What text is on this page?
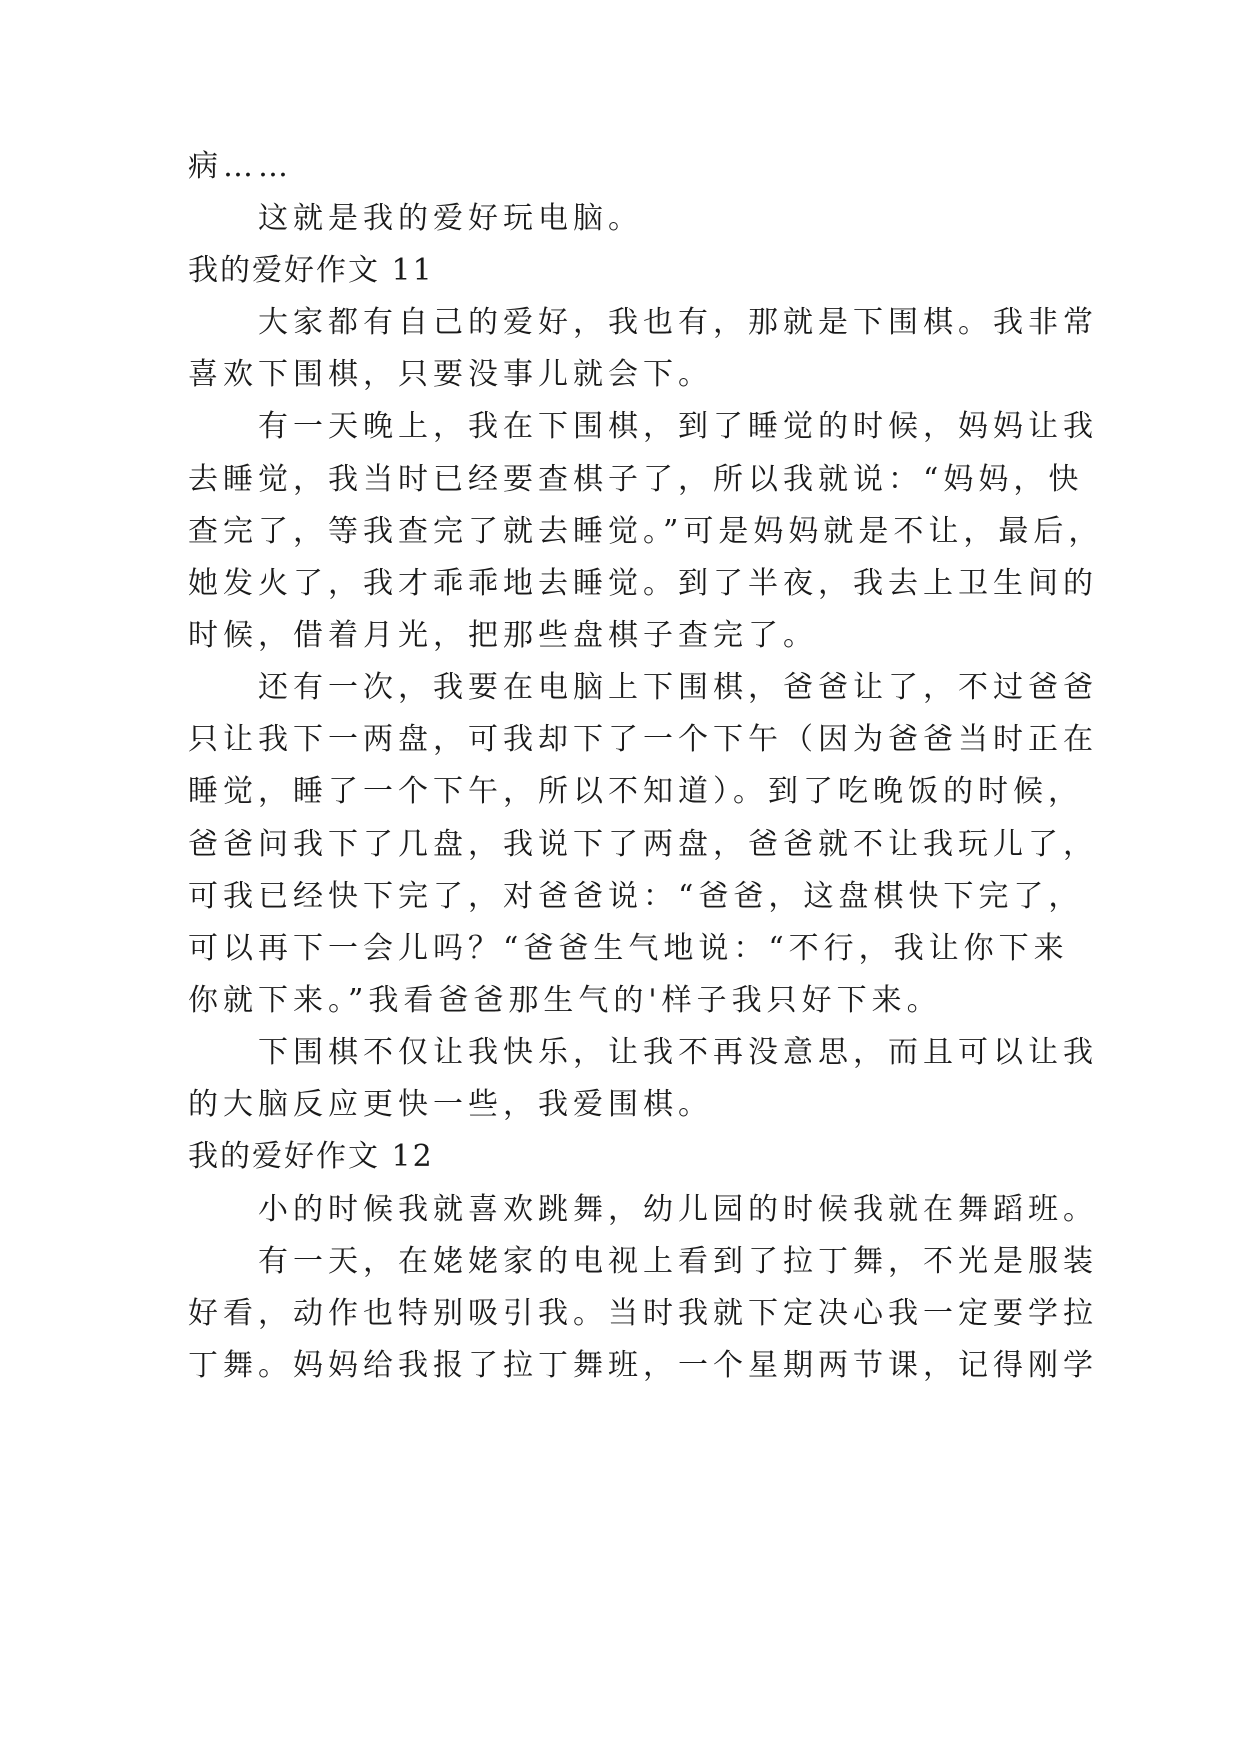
病……
这就是我的爱好玩电脑。
我的爱好作文 11
大家都有自己的爱好，我也有，那就是下围棋。我非常
喜欢下围棋，只要没事儿就会下。
有一天晚上，我在下围棋，到了睡觉的时候，妈妈让我
去睡觉，我当时已经要查棋子了，所以我就说：“妈妈，快
查完了，等我查完了就去睡觉。”可是妈妈就是不让，最后，
她发火了，我才乖乖地去睡觉。到了半夜，我去上卫生间的
时候，借着月光，把那些盘棋子查完了。
还有一次，我要在电脑上下围棋，爸爸让了，不过爸爸
只让我下一两盘，可我却下了一个下午（因为爸爸当时正在
睡觉，睡了一个下午，所以不知道）。到了吃晚饭的时候，
爸爸问我下了几盘，我说下了两盘，爸爸就不让我玩儿了，
可我已经快下完了，对爸爸说：“爸爸，这盘棋快下完了，
可以再下一会儿吗？“爸爸生气地说：“不行，我让你下来
你就下来。”我看爸爸那生气的'样子我只好下来。
下围棋不仅让我快乐，让我不再没意思，而且可以让我
的大脑反应更快一些，我爱围棋。
我的爱好作文 12
小的时候我就喜欢跳舞，幼儿园的时候我就在舞蹈班。
有一天，在姥姥家的电视上看到了拉丁舞，不光是服装
好看，动作也特别吸引我。当时我就下定决心我一定要学拉
丁舞。妈妈给我报了拉丁舞班，一个星期两节课，记得刚学
